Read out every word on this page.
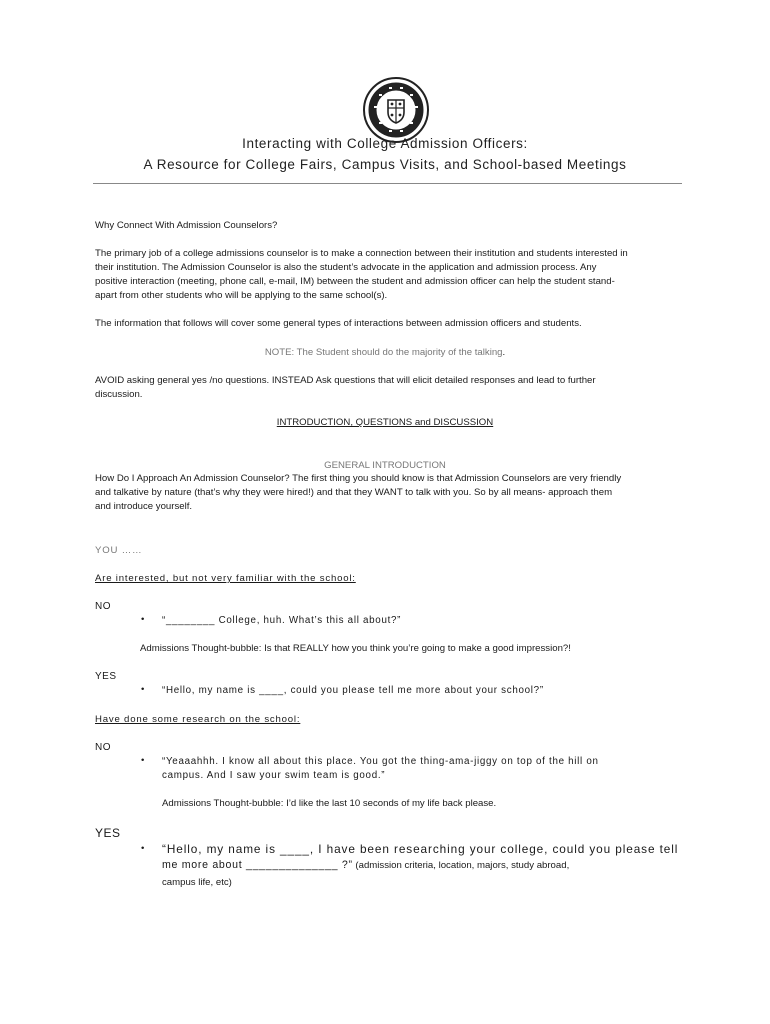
Interacting with College Admission Officers:
A Resource for College Fairs, Campus Visits, and School-based Meetings
Why Connect With Admission Counselors?
The primary job of a college admissions counselor is to make a connection between their institution and students interested in
their institution. The Admission Counselor is also the student’s advocate in the application and admission process. Any
positive interaction (meeting, phone call, e-mail, IM) between the student and admission officer can help the student stand-
apart from other students who will be applying to the same school(s).
The information that follows will cover some general types of interactions between admission officers and students.
NOTE: The Student should do the majority of the talking.
AVOID asking general yes /no questions. INSTEAD Ask questions that will elicit detailed responses and lead to further
discussion.
INTRODUCTION, QUESTIONS and DISCUSSION
GENERAL INTRODUCTION
How Do I Approach An Admission Counselor? The first thing you should know is that Admission Counselors are very friendly
and talkative by nature (that’s why they were hired!) and that they WANT to talk with you. So by all means- approach them
and introduce yourself.
YOU ……
Are interested, but not very familiar with the school:
NO
• “________ College, huh. What’s this all about?”
Admissions Thought-bubble: Is that REALLY how you think you’re going to make a good impression?!
YES
• “Hello, my name is ____, could you please tell me more about your school?”
Have done some research on the school:
NO
• “Yeaaahhh. I know all about this place. You got the thing-ama-jiggy on top of the hill on
campus. And I saw your swim team is good.”
Admissions Thought-bubble: I’d like the last 10 seconds of my life back please.
YES
• “Hello, my name is ____, I have been researching your college, could you please tell
me more about ______________ ?” (admission criteria, location, majors, study abroad,
campus life, etc)
